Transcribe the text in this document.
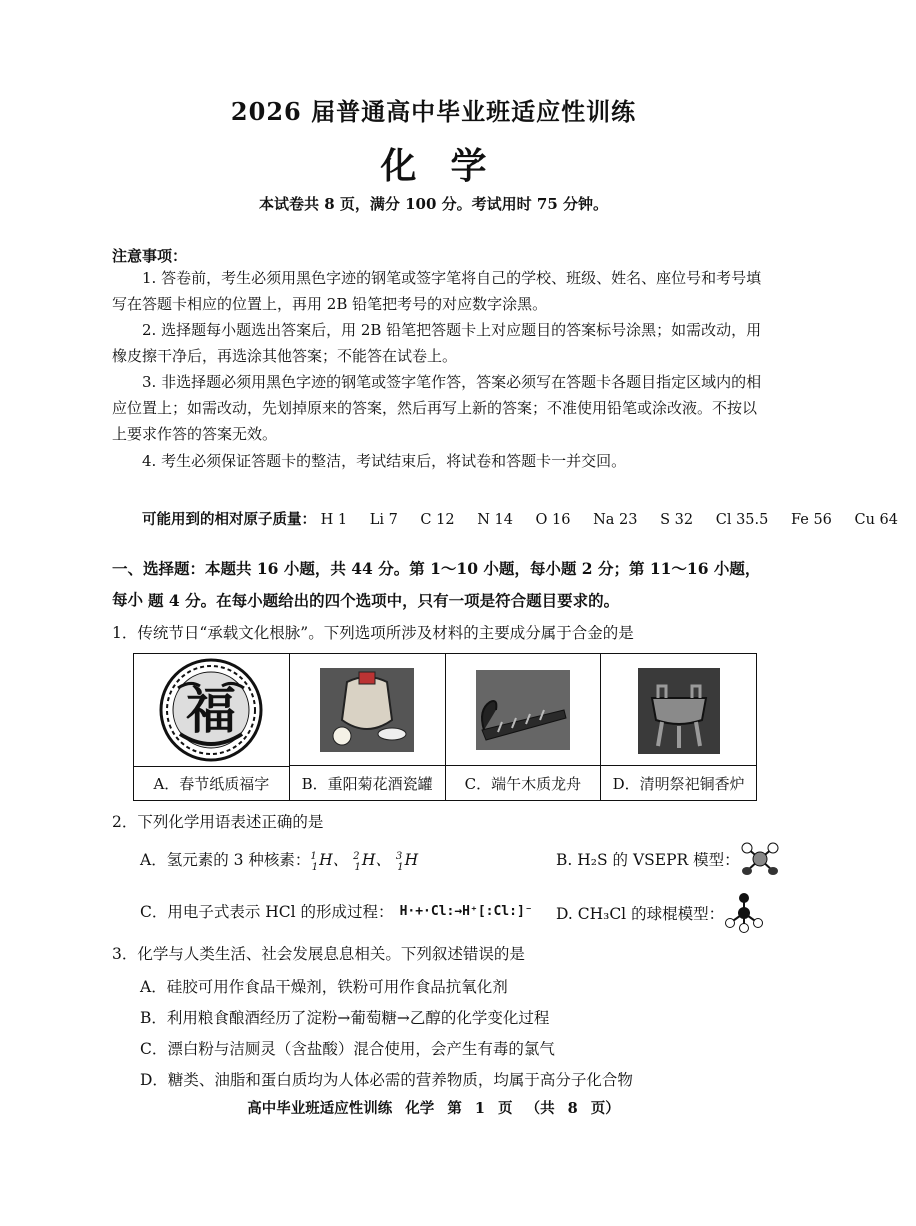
2026 届普通高中毕业班适应性训练
化学
本试卷共 8 页，满分 100 分。考试用时 75 分钟。
注意事项：
1. 答卷前，考生必须用黑色字迹的钢笔或签字笔将自己的学校、班级、姓名、座位号和考号填写在答题卡相应的位置上，再用 2B 铅笔把考号的对应数字涂黑。
2. 选择题每小题选出答案后，用 2B 铅笔把答题卡上对应题目的答案标号涂黑；如需改动，用橡皮擦干净后，再选涂其他答案；不能答在试卷上。
3. 非选择题必须用黑色字迹的钢笔或签字笔作答，答案必须写在答题卡各题目指定区域内的相应位置上；如需改动，先划掉原来的答案，然后再写上新的答案；不准使用铅笔或涂改液。不按以上要求作答的答案无效。
4. 考生必须保证答题卡的整洁，考试结束后，将试卷和答题卡一并交回。
可能用到的相对原子质量： H 1 Li 7 C 12 N 14 O 16 Na 23 S 32 Cl 35.5 Fe 56 Cu 64
一、选择题：本题共 16 小题，共 44 分。第 1～10 小题，每小题 2 分；第 11～16 小题，每小 题 4 分。在每小题给出的四个选项中，只有一项是符合题目要求的。
1．传统节日“承载文化根脉”。下列选项所涉及材料的主要成分属于合金的是
福
A．春节纸质福字	B．重阳菊花酒瓷罐	C．端午木质龙舟	D．清明祭祀铜香炉
2．下列化学用语表述正确的是
A．氢元素的 3 种核素： $^1_1$H、 $^2_1$H、 $^3_1$H	B. H₂S 的 VSEPR 模型：
C．用电子式表示 HCl 的形成过程： H·+·Cl:→H⁺[:Cl:]⁻ D. CH₃Cl 的球棍模型：
3．化学与人类生活、社会发展息息相关。下列叙述错误的是
A．硅胶可用作食品干燥剂，铁粉可用作食品抗氧化剂
B．利用粮食酿酒经历了淀粉→葡萄糖→乙醇的化学变化过程
C．漂白粉与洁厕灵（含盐酸）混合使用，会产生有毒的氯气
D．糖类、油脂和蛋白质均为人体必需的营养物质，均属于高分子化合物
高中毕业班适应性训练 化学 第 1 页 （共 8 页）
